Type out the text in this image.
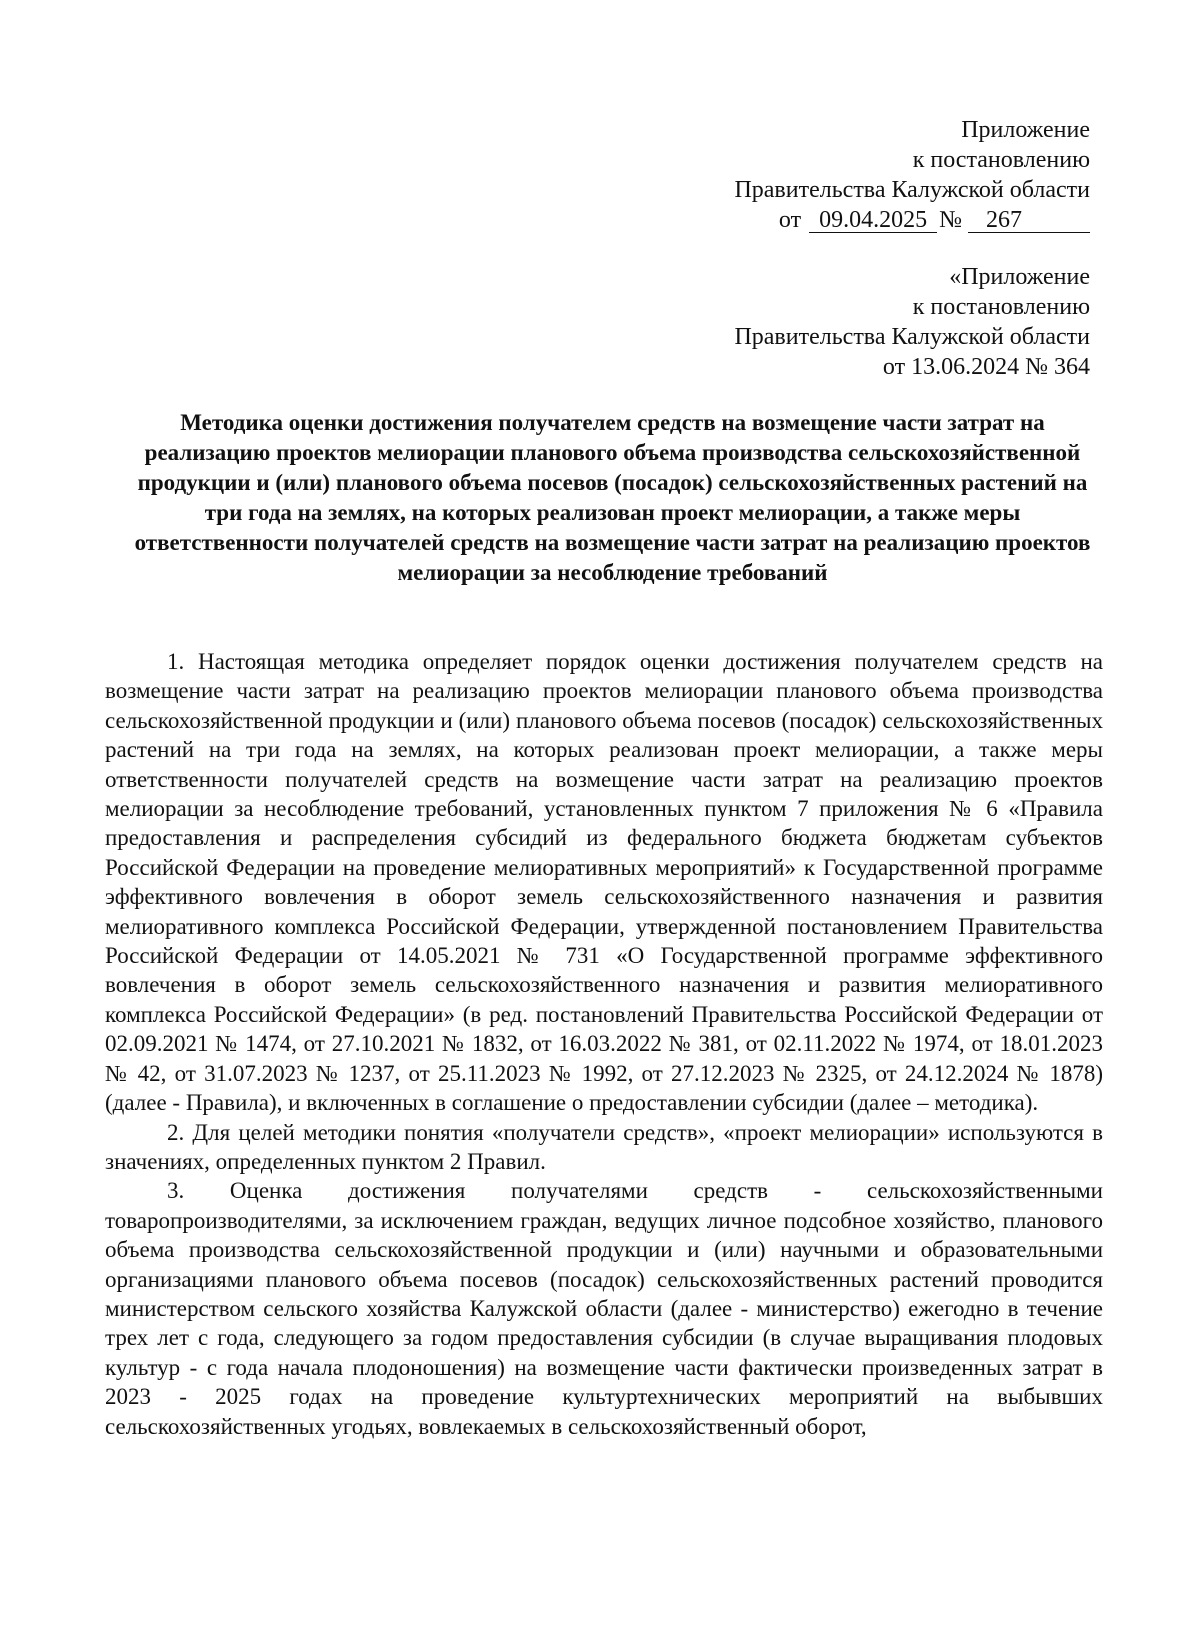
Приложение
к постановлению
Правительства Калужской области
от 09.04.2025 № 267
«Приложение
к постановлению
Правительства Калужской области
от 13.06.2024 № 364
Методика оценки достижения получателем средств на возмещение части затрат на реализацию проектов мелиорации планового объема производства сельскохозяйственной продукции и (или) планового объема посевов (посадок) сельскохозяйственных растений на три года на землях, на которых реализован проект мелиорации, а также меры ответственности получателей средств на возмещение части затрат на реализацию проектов мелиорации за несоблюдение требований

1. Настоящая методика определяет порядок оценки достижения получателем средств на возмещение части затрат на реализацию проектов мелиорации планового объема производства сельскохозяйственной продукции и (или) планового объема посевов (посадок) сельскохозяйственных растений на три года на землях, на которых реализован проект мелиорации, а также меры ответственности получателей средств на возмещение части затрат на реализацию проектов мелиорации за несоблюдение требований, установленных пунктом 7 приложения № 6 «Правила предоставления и распределения субсидий из федерального бюджета бюджетам субъектов Российской Федерации на проведение мелиоративных мероприятий» к Государственной программе эффективного вовлечения в оборот земель сельскохозяйственного назначения и развития мелиоративного комплекса Российской Федерации, утвержденной постановлением Правительства Российской Федерации от 14.05.2021 № 731 «О Государственной программе эффективного вовлечения в оборот земель сельскохозяйственного назначения и развития мелиоративного комплекса Российской Федерации» (в ред. постановлений Правительства Российской Федерации от 02.09.2021 № 1474, от 27.10.2021 № 1832, от 16.03.2022 № 381, от 02.11.2022 № 1974, от 18.01.2023 № 42, от 31.07.2023 № 1237, от 25.11.2023 № 1992, от 27.12.2023 № 2325, от 24.12.2024 № 1878) (далее - Правила), и включенных в соглашение о предоставлении субсидии (далее – методика).

2. Для целей методики понятия «получатели средств», «проект мелиорации» используются в значениях, определенных пунктом 2 Правил.

3. Оценка достижения получателями средств - сельскохозяйственными товаропроизводителями, за исключением граждан, ведущих личное подсобное хозяйство, планового объема производства сельскохозяйственной продукции и (или) научными и образовательными организациями планового объема посевов (посадок) сельскохозяйственных растений проводится министерством сельского хозяйства Калужской области (далее - министерство) ежегодно в течение трех лет с года, следующего за годом предоставления субсидии (в случае выращивания плодовых культур - с года начала плодоношения) на возмещение части фактически произведенных затрат в 2023 - 2025 годах на проведение культуртехнических мероприятий на выбывших сельскохозяйственных угодьях, вовлекаемых в сельскохозяйственный оборот,
